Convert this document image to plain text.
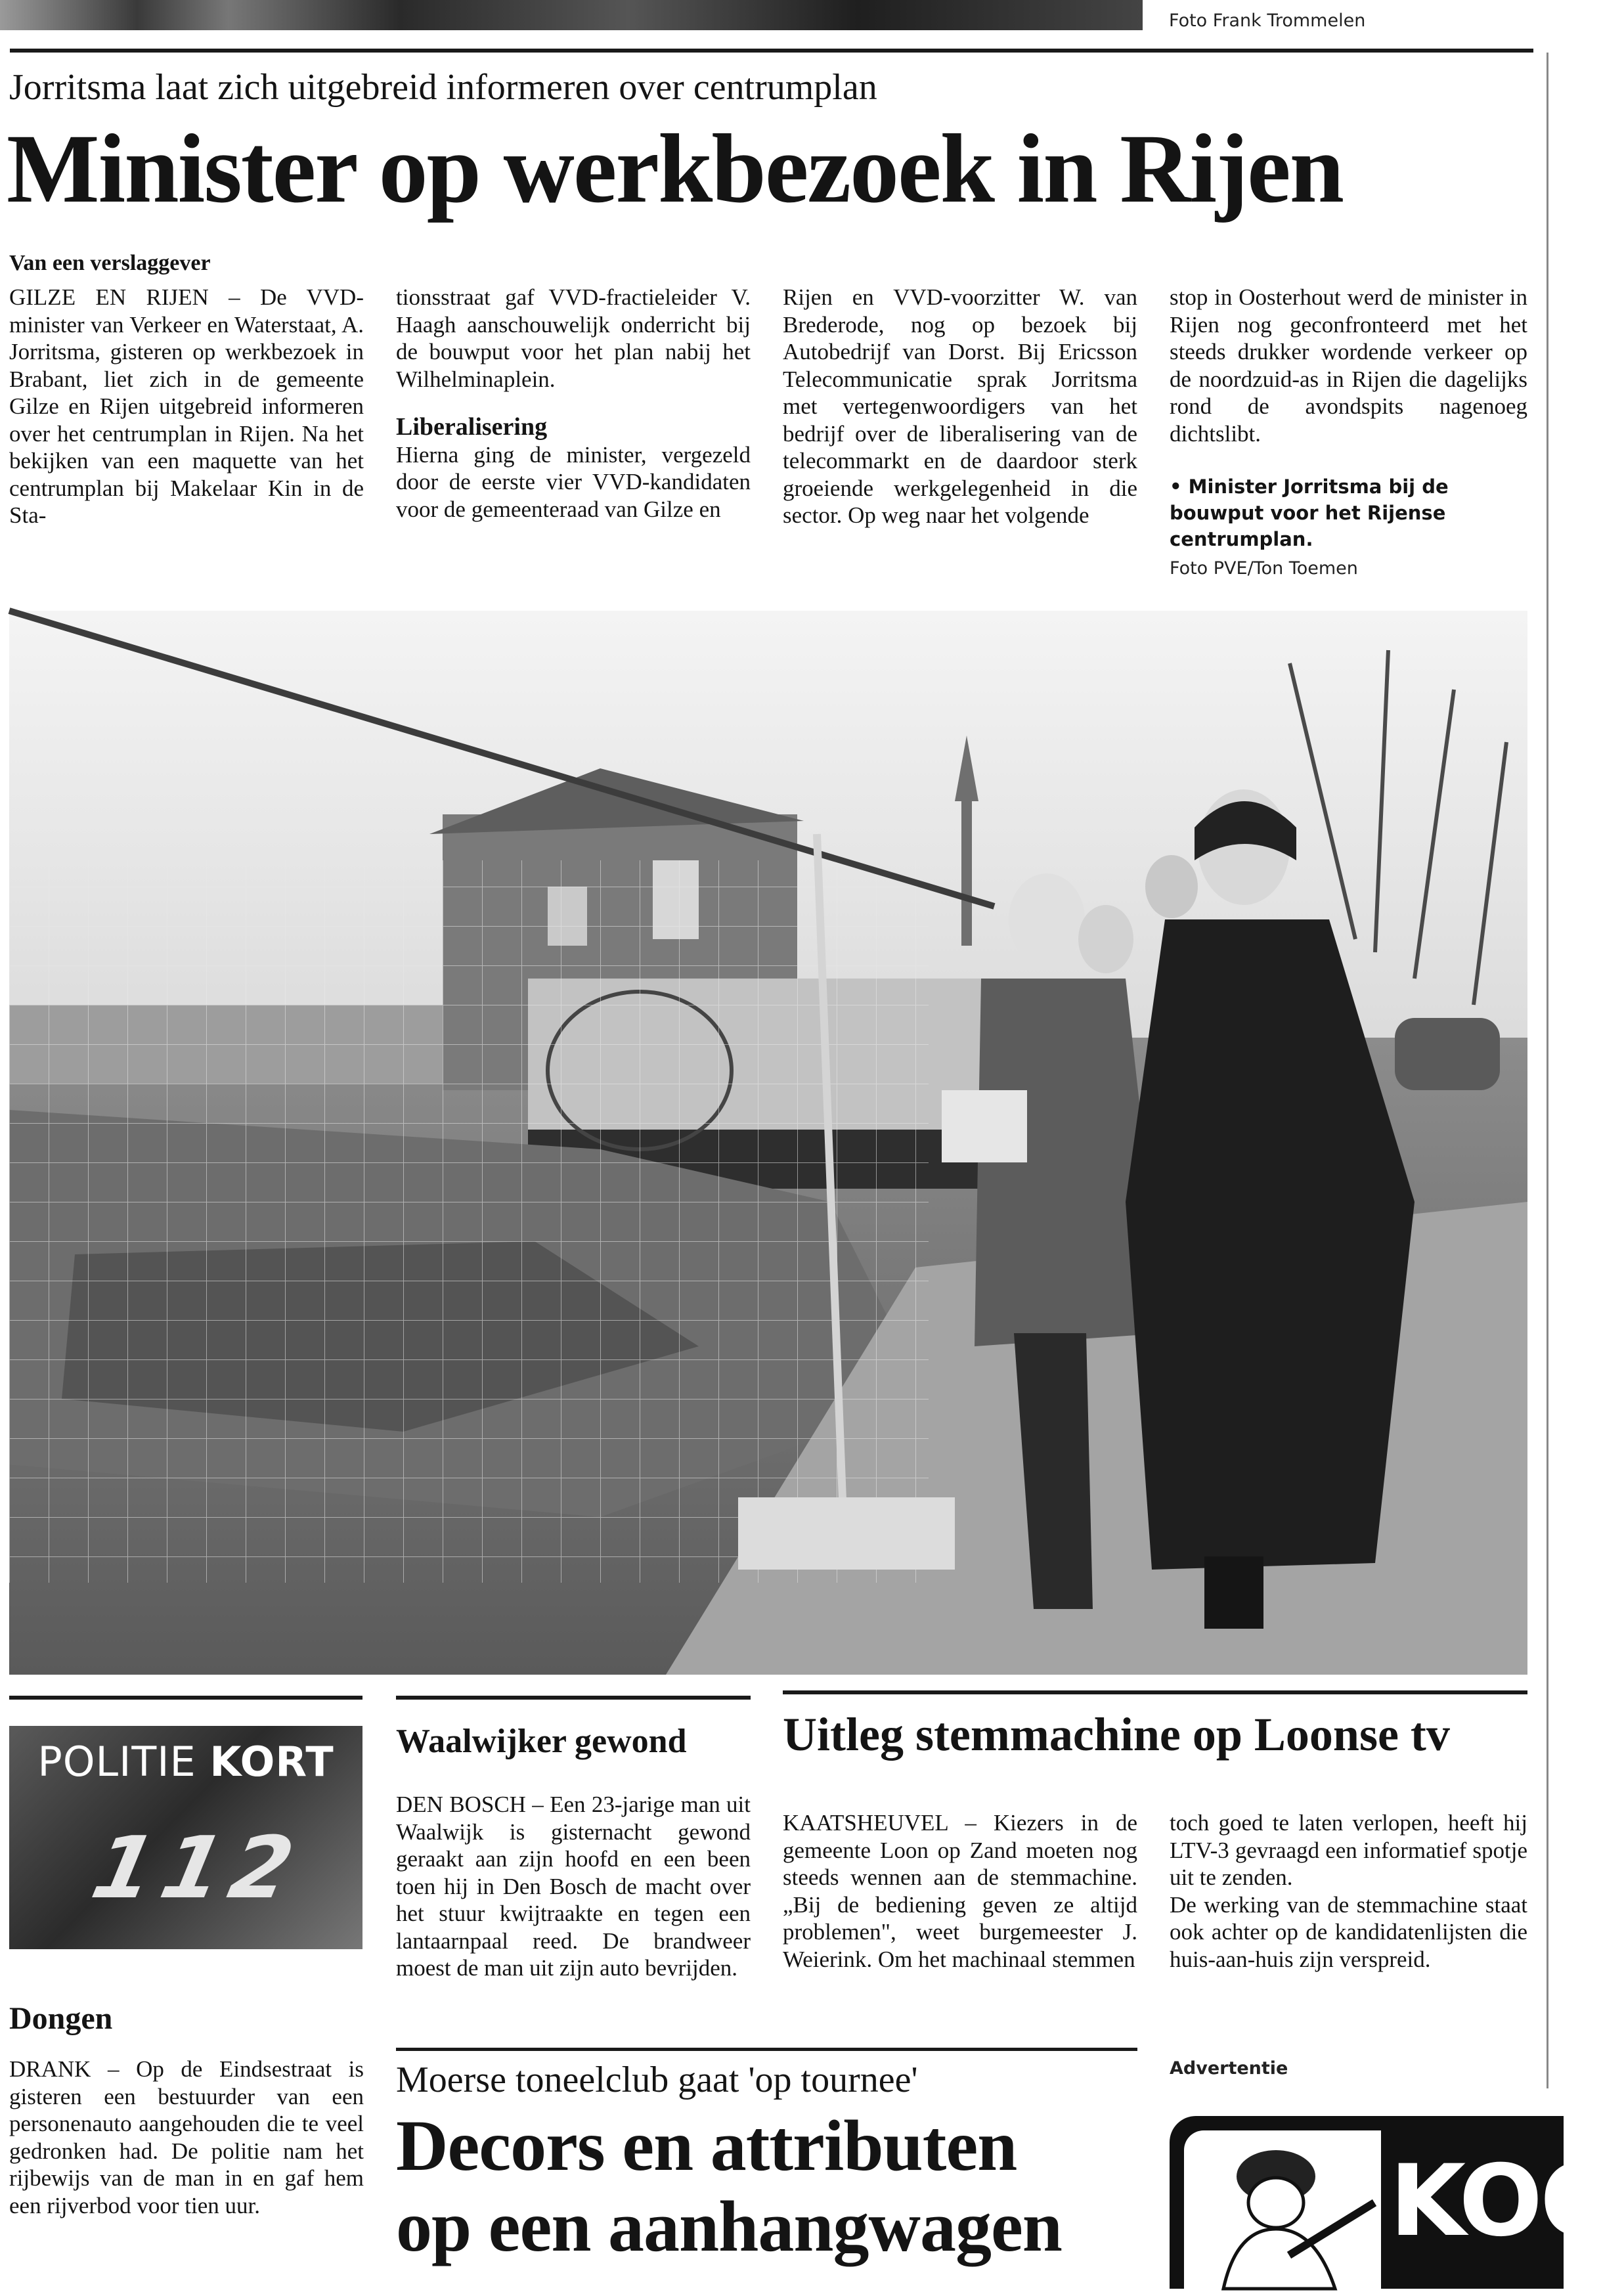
Foto Frank Trommelen
Jorritsma laat zich uitgebreid informeren over centrumplan
Minister op werkbezoek in Rijen
Van een verslaggever

GILZE EN RIJEN – De VVD-minister van Verkeer en Waterstaat, A. Jorritsma, gisteren op werkbezoek in Brabant, liet zich in de gemeente Gilze en Rijen uitgebreid informeren over het centrumplan in Rijen. Na het bekijken van een maquette van het centrumplan bij Makelaar Kin in de Sta-

tionsstraat gaf VVD-fractieleider V. Haagh aanschouwelijk onderricht bij de bouwput voor het plan nabij het Wilhelminaplein.

Liberalisering

Hierna ging de minister, vergezeld door de eerste vier VVD-kandidaten voor de gemeenteraad van Gilze en

Rijen en VVD-voorzitter W. van Brederode, nog op bezoek bij Autobedrijf van Dorst. Bij Ericsson Telecommunicatie sprak Jorritsma met vertegenwoordigers van het bedrijf over de liberalisering van de telecommarkt en de daardoor sterk groeiende werkgelegenheid in die sector. Op weg naar het volgende

stop in Oosterhout werd de minister in Rijen nog geconfronteerd met het steeds drukker wordende verkeer op de noordzuid-as in Rijen die dagelijks rond de avondspits nagenoeg dichtslibt.

• Minister Jorritsma bij de bouwput voor het Rijense centrumplan.

Foto PVE/Ton Toemen

POLITIE KORT
112
Dongen

DRANK – Op de Eindsestraat is gisteren een bestuurder van een personenauto aangehouden die te veel gedronken had. De politie nam het rijbewijs van de man in en gaf hem een rijverbod voor tien uur.

Waalwijker gewond

DEN BOSCH – Een 23-jarige man uit Waalwijk is gisternacht gewond geraakt aan zijn hoofd en een been toen hij in Den Bosch de macht over het stuur kwijtraakte en tegen een lantaarnpaal reed. De brandweer moest de man uit zijn auto bevrijden.

Uitleg stemmachine op Loonse tv

KAATSHEUVEL – Kiezers in de gemeente Loon op Zand moeten nog steeds wennen aan de stemmachine. „Bij de bediening geven ze altijd problemen", weet burgemeester J. Weierink. Om het machinaal stemmen

toch goed te laten verlopen, heeft hij LTV-3 gevraagd een informatief spotje uit te zenden.

De werking van de stemmachine staat ook achter op de kandidatenlijsten die huis-aan-huis zijn verspreid.

Moerse toneelclub gaat 'op tournee'
Decors en attributen
op een aanhangwagen
Advertentie
KOO
